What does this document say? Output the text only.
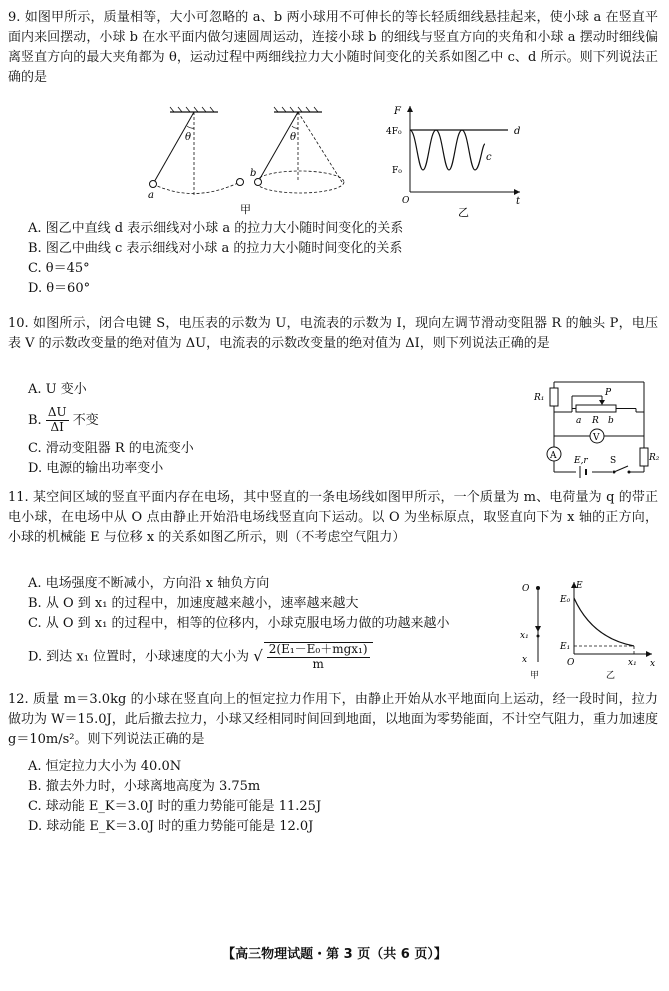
9. 如图甲所示，质量相等，大小可忽略的 a、b 两小球用不可伸长的等长轻质细线悬挂起来，使小球 a 在竖直平面内来回摆动，小球 b 在水平面内做匀速圆周运动，连接小球 b 的细线与竖直方向的夹角和小球 a 摆动时细线偏离竖直方向的最大夹角都为 θ，运动过程中两细线拉力大小随时间变化的关系如图乙中 c、d 所示。则下列说法正确的是

θ
a
θ
b
甲
F
4F₀
F₀
O	t
c
d
乙

A. 图乙中直线 d 表示细线对小球 a 的拉力大小随时间变化的关系

B. 图乙中曲线 c 表示细线对小球 a 的拉力大小随时间变化的关系

C. θ＝45°

D. θ＝60°

10. 如图所示，闭合电键 S，电压表的示数为 U，电流表的示数为 I，现向左调节滑动变阻器 R 的触头 P，电压表 V 的示数改变量的绝对值为 ΔU，电流表的示数改变量的绝对值为 ΔI，则下列说法正确的是

A. U 变小

B. $\frac{\Delta U}{\Delta I}$ 不变

C. 滑动变阻器 R 的电流变小

D. 电源的输出功率变小

R₁
R₂
P
a R b
V
A E,r S

11. 某空间区域的竖直平面内存在电场，其中竖直的一条电场线如图甲所示，一个质量为 m、电荷量为 q 的带正电小球，在电场中从 O 点由静止开始沿电场线竖直向下运动。以 O 为坐标原点，取竖直向下为 x 轴的正方向，小球的机械能 E 与位移 x 的关系如图乙所示，则（不考虑空气阻力）

A. 电场强度不断减小，方向沿 x 轴负方向

B. 从 O 到 x₁ 的过程中，加速度越来越小，速率越来越大

C. 从 O 到 x₁ 的过程中，相等的位移内，小球克服电场力做的功越来越小

D. 到达 x₁ 位置时，小球速度的大小为 √ $\frac{\text{2(E₁－E₀＋mgx₁)}}{m}$

O
x₁
x
甲
E
E₀
E₁
O	x₁ x
乙

12. 质量 m＝3.0kg 的小球在竖直向上的恒定拉力作用下，由静止开始从水平地面向上运动，经一段时间，拉力做功为 W＝15.0J，此后撤去拉力，小球又经相同时间回到地面，以地面为零势能面，不计空气阻力，重力加速度 g＝10m/s²。则下列说法正确的是

A. 恒定拉力大小为 40.0N

B. 撤去外力时，小球离地高度为 3.75m

C. 球动能 E_K＝3.0J 时的重力势能可能是 11.25J

D. 球动能 E_K＝3.0J 时的重力势能可能是 12.0J

【高三物理试题・第 3 页（共 6 页）】
